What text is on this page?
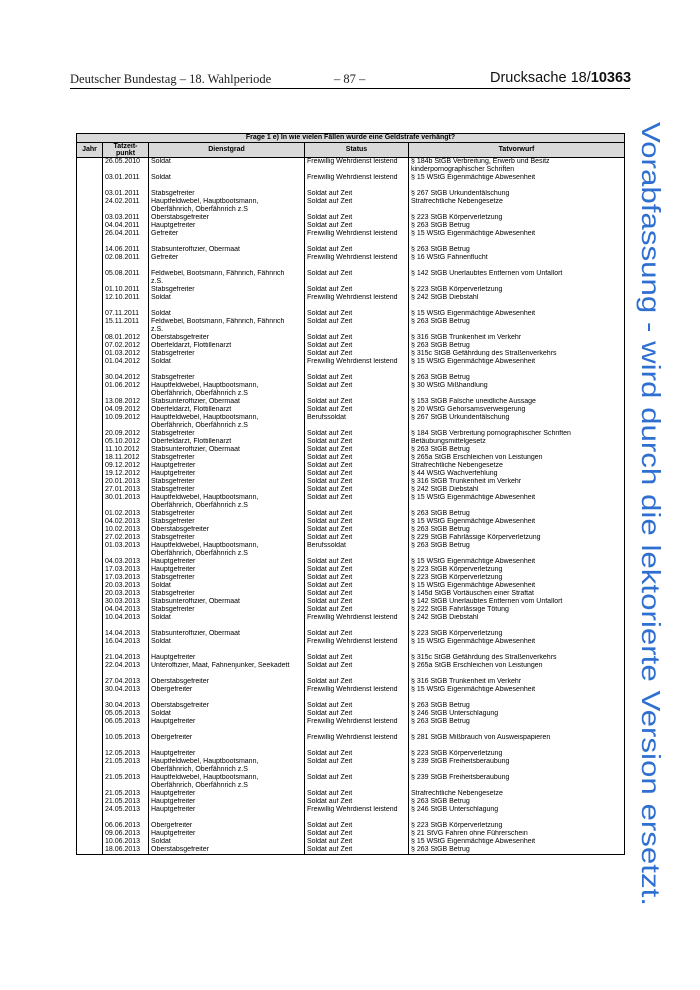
Deutscher Bundestag – 18. Wahlperiode	– 87 –	Drucksache 18/10363
Vorabfassung - wird durch die lektorierte Version ersetzt.
Frage 1 e) In wie vielen Fällen wurde eine Geldstrafe verhängt?				
Jahr	Tatzeit-
punkt	Dienstgrad	Status	Tatvorwurf
	26.05.2010	Soldat	Freiwillig Wehrdienst leistend	§ 184b StGB Verbreitung, Erwerb und Besitz
kinderpornographischer Schriften
	03.01.2011	Soldat	Freiwillig Wehrdienst leistend	§ 15 WStG Eigenmächtige Abwesenheit

	03.01.2011	Stabsgefreiter	Soldat auf Zeit	§ 267 StGB Urkundenfälschung
	24.02.2011	Hauptfeldwebel, Hauptbootsmann,
Oberfähnrich, Oberfähnrich z.S	Soldat auf Zeit	Strafrechtliche Nebengesetze
	03.03.2011	Oberstabsgefreiter	Soldat auf Zeit	§ 223 StGB Körperverletzung
	04.04.2011	Hauptgefreiter	Soldat auf Zeit	§ 263 StGB Betrug
	26.04.2011	Gefreiter	Freiwillig Wehrdienst leistend	§ 15 WStG Eigenmächtige Abwesenheit

	14.06.2011	Stabsunteroffizier, Obermaat	Soldat auf Zeit	§ 263 StGB Betrug
	02.08.2011	Gefreiter	Freiwillig Wehrdienst leistend	§ 16 WStG Fahnenflucht

	05.08.2011	Feldwebel, Bootsmann, Fähnrich, Fähnrich
z.S.	Soldat auf Zeit	§ 142 StGB Unerlaubtes Entfernen vom Unfallort
	01.10.2011	Stabsgefreiter	Soldat auf Zeit	§ 223 StGB Körperverletzung
	12.10.2011	Soldat	Freiwillig Wehrdienst leistend	§ 242 StGB Diebstahl

	07.11.2011	Soldat	Soldat auf Zeit	§ 15 WStG Eigenmächtige Abwesenheit
	15.11.2011	Feldwebel, Bootsmann, Fähnrich, Fähnrich
z.S.	Soldat auf Zeit	§ 263 StGB Betrug
	08.01.2012	Oberstabsgefreiter	Soldat auf Zeit	§ 316 StGB Trunkenheit im Verkehr
	07.02.2012	Oberfeldarzt, Flottillenarzt	Soldat auf Zeit	§ 263 StGB Betrug
	01.03.2012	Stabsgefreiter	Soldat auf Zeit	§ 315c StGB Gefährdung des Straßenverkehrs
	01.04.2012	Soldat	Freiwillig Wehrdienst leistend	§ 15 WStG Eigenmächtige Abwesenheit

	30.04.2012	Stabsgefreiter	Soldat auf Zeit	§ 263 StGB Betrug
	01.06.2012	Hauptfeldwebel, Hauptbootsmann,
Oberfähnrich, Oberfähnrich z.S	Soldat auf Zeit	§ 30 WStG Mißhandlung
	13.08.2012	Stabsunteroffizier, Obermaat	Soldat auf Zeit	§ 153 StGB Falsche uneidliche Aussage
	04.09.2012	Oberfeldarzt, Flottillenarzt	Soldat auf Zeit	§ 20 WStG Gehorsamsverweigerung
	10.09.2012	Hauptfeldwebel, Hauptbootsmann,
Oberfähnrich, Oberfähnrich z.S	Berufssoldat	§ 267 StGB Urkundenfälschung
	20.09.2012	Stabsgefreiter	Soldat auf Zeit	§ 184 StGB Verbreitung pornographischer Schriften
	05.10.2012	Oberfeldarzt, Flottillenarzt	Soldat auf Zeit	Betäubungsmittelgesetz
	11.10.2012	Stabsunteroffizier, Obermaat	Soldat auf Zeit	§ 263 StGB Betrug
	18.11.2012	Stabsgefreiter	Soldat auf Zeit	§ 265a StGB Erschleichen von Leistungen
	09.12.2012	Hauptgefreiter	Soldat auf Zeit	Strafrechtliche Nebengesetze
	19.12.2012	Hauptgefreiter	Soldat auf Zeit	§ 44 WStG Wachverfehlung
	20.01.2013	Stabsgefreiter	Soldat auf Zeit	§ 316 StGB Trunkenheit im Verkehr
	27.01.2013	Stabsgefreiter	Soldat auf Zeit	§ 242 StGB Diebstahl
	30.01.2013	Hauptfeldwebel, Hauptbootsmann,
Oberfähnrich, Oberfähnrich z.S	Soldat auf Zeit	§ 15 WStG Eigenmächtige Abwesenheit
	01.02.2013	Stabsgefreiter	Soldat auf Zeit	§ 263 StGB Betrug
	04.02.2013	Stabsgefreiter	Soldat auf Zeit	§ 15 WStG Eigenmächtige Abwesenheit
	10.02.2013	Oberstabsgefreiter	Soldat auf Zeit	§ 263 StGB Betrug
	27.02.2013	Stabsgefreiter	Soldat auf Zeit	§ 229 StGB Fahrlässige Körperverletzung
	01.03.2013	Hauptfeldwebel, Hauptbootsmann,
Oberfähnrich, Oberfähnrich z.S	Berufssoldat	§ 263 StGB Betrug
	04.03.2013	Hauptgefreiter	Soldat auf Zeit	§ 15 WStG Eigenmächtige Abwesenheit
	17.03.2013	Hauptgefreiter	Soldat auf Zeit	§ 223 StGB Körperverletzung
	17.03.2013	Stabsgefreiter	Soldat auf Zeit	§ 223 StGB Körperverletzung
	20.03.2013	Soldat	Soldat auf Zeit	§ 15 WStG Eigenmächtige Abwesenheit
	20.03.2013	Stabsgefreiter	Soldat auf Zeit	§ 145d StGB Vortäuschen einer Straftat
	30.03.2013	Stabsunteroffizier, Obermaat	Soldat auf Zeit	§ 142 StGB Unerlaubtes Entfernen vom Unfallort
	04.04.2013	Stabsgefreiter	Soldat auf Zeit	§ 222 StGB Fahrlässige Tötung
	10.04.2013	Soldat	Freiwillig Wehrdienst leistend	§ 242 StGB Diebstahl

	14.04.2013	Stabsunteroffizier, Obermaat	Soldat auf Zeit	§ 223 StGB Körperverletzung
	16.04.2013	Soldat	Freiwillig Wehrdienst leistend	§ 15 WStG Eigenmächtige Abwesenheit

	21.04.2013	Hauptgefreiter	Soldat auf Zeit	§ 315c StGB Gefährdung des Straßenverkehrs
	22.04.2013	Unteroffizier, Maat, Fahnenjunker, Seekadett	Soldat auf Zeit	§ 265a StGB Erschleichen von Leistungen

	27.04.2013	Oberstabsgefreiter	Soldat auf Zeit	§ 316 StGB Trunkenheit im Verkehr
	30.04.2013	Obergefreiter	Freiwillig Wehrdienst leistend	§ 15 WStG Eigenmächtige Abwesenheit

	30.04.2013	Oberstabsgefreiter	Soldat auf Zeit	§ 263 StGB Betrug
	05.05.2013	Soldat	Soldat auf Zeit	§ 246 StGB Unterschlagung
	06.05.2013	Hauptgefreiter	Freiwillig Wehrdienst leistend	§ 263 StGB Betrug

	10.05.2013	Obergefreiter	Freiwillig Wehrdienst leistend	§ 281 StGB Mißbrauch von Ausweispapieren

	12.05.2013	Hauptgefreiter	Soldat auf Zeit	§ 223 StGB Körperverletzung
	21.05.2013	Hauptfeldwebel, Hauptbootsmann,
Oberfähnrich, Oberfähnrich z.S	Soldat auf Zeit	§ 239 StGB Freiheitsberaubung
	21.05.2013	Hauptfeldwebel, Hauptbootsmann,
Oberfähnrich, Oberfähnrich z.S	Soldat auf Zeit	§ 239 StGB Freiheitsberaubung
	21.05.2013	Hauptgefreiter	Soldat auf Zeit	Strafrechtliche Nebengesetze
	21.05.2013	Hauptgefreiter	Soldat auf Zeit	§ 263 StGB Betrug
	24.05.2013	Hauptgefreiter	Freiwillig Wehrdienst leistend	§ 246 StGB Unterschlagung

	06.06.2013	Obergefreiter	Soldat auf Zeit	§ 223 StGB Körperverletzung
	09.06.2013	Hauptgefreiter	Soldat auf Zeit	§ 21 StVG Fahren ohne Führerschein
	10.06.2013	Soldat	Soldat auf Zeit	§ 15 WStG Eigenmächtige Abwesenheit
	18.06.2013	Oberstabsgefreiter	Soldat auf Zeit	§ 263 StGB Betrug
